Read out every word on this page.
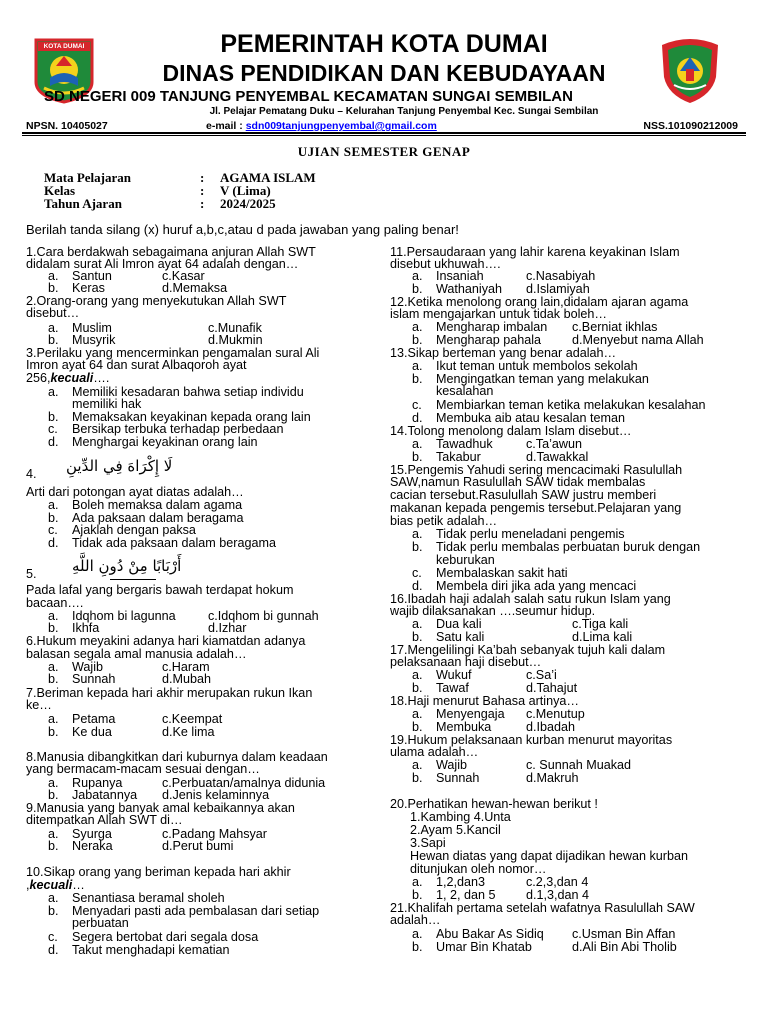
KOTA DUMAI	PEMERINTAH KOTA DUMAI
DINAS PENDIDIKAN DAN KEBUDAYAAN
SD NEGERI 009 TANJUNG PENYEMBAL KECAMATAN SUNGAI SEMBILAN
Jl. Pelajar Pematang Duku – Kelurahan Tanjung Penyembal Kec. Sungai Sembilan
NPSN. 10405027	e-mail : sdn009tanjungpenyembal@gmail.com	NSS.101090212009
UJIAN SEMESTER GENAP
Mata Pelajaran	: AGAMA ISLAM
Kelas	: V (Lima)
Tahun Ajaran	: 2024/2025
Berilah tanda silang (x) huruf a,b,c,atau d pada jawaban yang paling benar!
1.Cara berdakwah sebagaimana anjuran Allah SWT
didalam surat Ali Imron ayat 64 adalah dengan…
a. Santun	c.Kasar
b. Keras	d.Memaksa
2.Orang-orang yang menyekutukan Allah SWT
disebut…
a. Muslim	c.Munafik
b. Musyrik	d.Mukmin
3.Perilaku yang mencerminkan pengamalan sural Ali
Imron ayat 64 dan surat Albaqoroh ayat
256,kecuali….
a. Memiliki kesadaran bahwa setiap individu
memiliki hak
b. Memaksakan keyakinan kepada orang lain
c. Bersikap terbuka terhadap perbedaan
d. Menghargai keyakinan orang lain
4. لَا إِكْرَاهَ فِي الدِّينِ
Arti dari potongan ayat diatas adalah…
a. Boleh memaksa dalam agama
b. Ada paksaan dalam beragama
c. Ajaklah dengan paksa
d. Tidak ada paksaan dalam beragama
5. أَرْبَابًا مِنْ دُونِ اللَّهِ
Pada lafal yang bergaris bawah terdapat hokum
bacaan….
a. Idqhom bi lagunna	c.Idqhom bi gunnah
b. Ikhfa	d.Izhar
6.Hukum meyakini adanya hari kiamatdan adanya
balasan segala amal manusia adalah…
a. Wajib	c.Haram
b. Sunnah	d.Mubah
7.Beriman kepada hari akhir merupakan rukun Ikan
ke…
a. Petama	c.Keempat
b. Ke dua	d.Ke lima
8.Manusia dibangkitkan dari kuburnya dalam keadaan
yang bermacam-macam sesuai dengan…
a. Rupanya	c.Perbuatan/amalnya didunia
b. Jabatannya d.Jenis kelaminnya
9.Manusia yang banyak amal kebaikannya akan
ditempatkan Allah SWT di…
a. Syurga	c.Padang Mahsyar
b. Neraka	d.Perut bumi
10.Sikap orang yang beriman kepada hari akhir
,kecuali…
a. Senantiasa beramal sholeh
b. Menyadari pasti ada pembalasan dari setiap
perbuatan
c. Segera bertobat dari segala dosa
d. Takut menghadapi kematian
11.Persaudaraan yang lahir karena keyakinan Islam
disebut ukhuwah….
a. Insaniah	c.Nasabiyah
b. Wathaniyah d.Islamiyah
12.Ketika menolong orang lain,didalam ajaran agama
islam mengajarkan untuk tidak boleh…
a. Mengharap imbalan c.Berniat ikhlas
b. Mengharap pahala d.Menyebut nama Allah
13.Sikap berteman yang benar adalah…
a. Ikut teman untuk membolos sekolah
b. Mengingatkan teman yang melakukan
kesalahan
c. Membiarkan teman ketika melakukan kesalahan
d. Membuka aib atau kesalan teman
14.Tolong menolong dalam Islam disebut…
a. Tawadhuk	c.Ta’awun
b. Takabur	d.Tawakkal
15.Pengemis Yahudi sering mencacimaki Rasulullah
SAW,namun Rasulullah SAW tidak membalas
cacian tersebut.Rasulullah SAW justru memberi
makanan kepada pengemis tersebut.Pelajaran yang
bias petik adalah…
a. Tidak perlu meneladani pengemis
b. Tidak perlu membalas perbuatan buruk dengan
keburukan
c. Membalaskan sakit hati
d. Membela diri jika ada yang mencaci
16.Ibadah haji adalah salah satu rukun Islam yang
wajib dilaksanakan ….seumur hidup.
a. Dua kali	c.Tiga kali
b. Satu kali	d.Lima kali
17.Mengelilingi Ka’bah sebanyak tujuh kali dalam
pelaksanaan haji disebut…
a. Wukuf	c.Sa’i
b. Tawaf	d.Tahajut
18.Haji menurut Bahasa artinya…
a. Menyengaja c.Menutup
b. Membuka	d.Ibadah
19.Hukum pelaksanaan kurban menurut mayoritas
ulama adalah…
a. Wajib	c. Sunnah Muakad
b. Sunnah	d.Makruh
20.Perhatikan hewan-hewan berikut !
1.Kambing 4.Unta
2.Ayam 5.Kancil
3.Sapi
Hewan diatas yang dapat dijadikan hewan kurban
ditunjukan oleh nomor…
a. 1,2,dan3	c.2,3,dan 4
b. 1, 2, dan 5 d.1,3,dan 4
21.Khalifah pertama setelah wafatnya Rasulullah SAW
adalah…
a. Abu Bakar As Sidiq c.Usman Bin Affan
b. Umar Bin Khatab	d.Ali Bin Abi Tholib
